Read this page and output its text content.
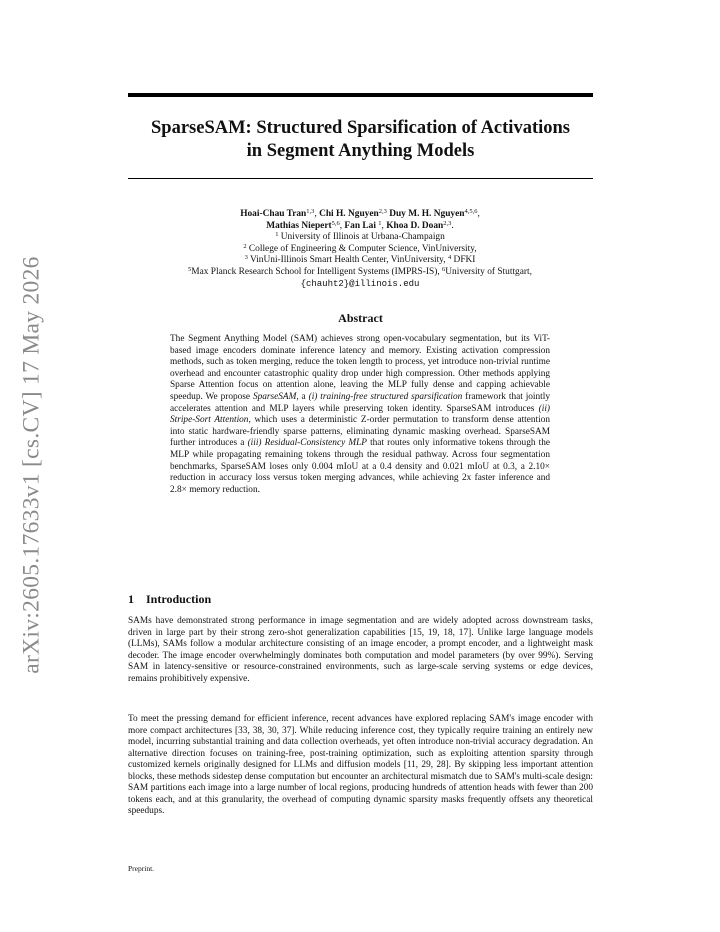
arXiv:2605.17633v1 [cs.CV] 17 May 2026
SparseSAM: Structured Sparsification of Activations
in Segment Anything Models
Hoai-Chau Tran$^{1,3}$, Chi H. Nguyen$^{2,3}$ Duy M. H. Nguyen$^{4,5,6}$,
Mathias Niepert$^{5,6}$, Fan Lai $^1$, Khoa D. Doan$^{2,3}$.
$^1$ University of Illinois at Urbana-Champaign
$^2$ College of Engineering & Computer Science, VinUniversity,
$^3$ VinUni-Illinois Smart Health Center, VinUniversity, $^4$ DFKI
$^5$Max Planck Research School for Intelligent Systems (IMPRS-IS), $^6$University of Stuttgart,
{chauht2}@illinois.edu
Abstract

The Segment Anything Model (SAM) achieves strong open-vocabulary segmentation, but its ViT-based image encoders dominate inference latency and memory. Existing activation compression methods, such as token merging, reduce the token length to process, yet introduce non-trivial runtime overhead and encounter catastrophic quality drop under high compression. Other methods applying Sparse Attention focus on attention alone, leaving the MLP fully dense and capping achievable speedup. We propose SparseSAM, a (i) training-free structured sparsification framework that jointly accelerates attention and MLP layers while preserving token identity. SparseSAM introduces (ii) Stripe-Sort Attention, which uses a deterministic Z-order permutation to transform dense attention into static hardware-friendly sparse patterns, eliminating dynamic masking overhead. SparseSAM further introduces a (iii) Residual-Consistency MLP that routes only informative tokens through the MLP while propagating remaining tokens through the residual pathway. Across four segmentation benchmarks, SparseSAM loses only 0.004 mIoU at a 0.4 density and 0.021 mIoU at 0.3, a 2.10× reduction in accuracy loss versus token merging advances, while achieving 2x faster inference and 2.8× memory reduction.

1 Introduction

SAMs have demonstrated strong performance in image segmentation and are widely adopted across downstream tasks, driven in large part by their strong zero-shot generalization capabilities [15, 19, 18, 17]. Unlike large language models (LLMs), SAMs follow a modular architecture consisting of an image encoder, a prompt encoder, and a lightweight mask decoder. The image encoder overwhelmingly dominates both computation and model parameters (by over 99%). Serving SAM in latency-sensitive or resource-constrained environments, such as large-scale serving systems or edge devices, remains prohibitively expensive.

To meet the pressing demand for efficient inference, recent advances have explored replacing SAM's image encoder with more compact architectures [33, 38, 30, 37]. While reducing inference cost, they typically require training an entirely new model, incurring substantial training and data collection overheads, yet often introduce non-trivial accuracy degradation. An alternative direction focuses on training-free, post-training optimization, such as exploiting attention sparsity through customized kernels originally designed for LLMs and diffusion models [11, 29, 28]. By skipping less important attention blocks, these methods sidestep dense computation but encounter an architectural mismatch due to SAM's multi-scale design: SAM partitions each image into a large number of local regions, producing hundreds of attention heads with fewer than 200 tokens each, and at this granularity, the overhead of computing dynamic sparsity masks frequently offsets any theoretical speedups.

Preprint.
